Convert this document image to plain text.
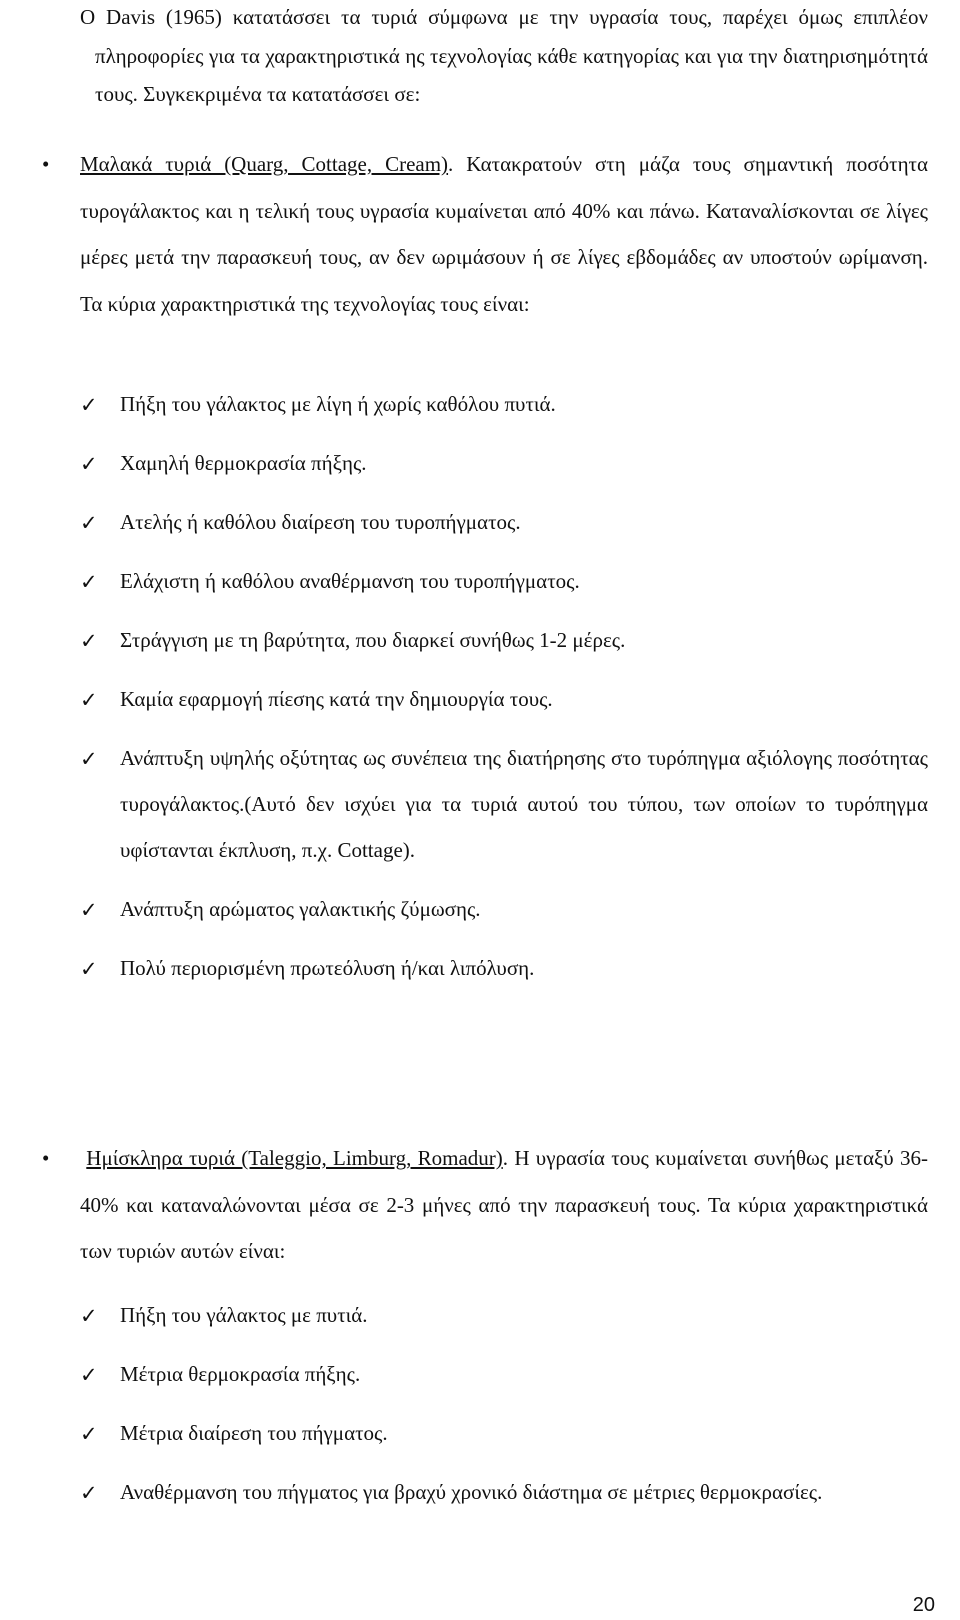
Ο Davis (1965) κατατάσσει τα τυριά σύμφωνα με την υγρασία τους, παρέχει όμως επιπλέον πληροφορίες για τα χαρακτηριστικά ης τεχνολογίας κάθε κατηγορίας και για την διατηρισημότητά τους. Συγκεκριμένα τα κατατάσσει σε:

• Μαλακά τυριά (Quarg, Cottage, Cream). Κατακρατούν στη μάζα τους σημαντική ποσότητα τυρογάλακτος και η τελική τους υγρασία κυμαίνεται από 40% και πάνω. Καταναλίσκονται σε λίγες μέρες μετά την παρασκευή τους, αν δεν ωριμάσουν ή σε λίγες εβδομάδες αν υποστούν ωρίμανση. Τα κύρια χαρακτηριστικά της τεχνολογίας τους είναι:
✓ Πήξη του γάλακτος με λίγη ή χωρίς καθόλου πυτιά.
✓ Χαμηλή θερμοκρασία πήξης.
✓ Ατελής ή καθόλου διαίρεση του τυροπήγματος.
✓ Ελάχιστη ή καθόλου αναθέρμανση του τυροπήγματος.
✓ Στράγγιση με τη βαρύτητα, που διαρκεί συνήθως 1-2 μέρες.
✓ Καμία εφαρμογή πίεσης κατά την δημιουργία τους.
✓ Ανάπτυξη υψηλής οξύτητας ως συνέπεια της διατήρησης στο τυρόπηγμα αξιόλογης ποσότητας τυρογάλακτος.(Αυτό δεν ισχύει για τα τυριά αυτού του τύπου, των οποίων το τυρόπηγμα υφίστανται έκπλυση, π.χ. Cottage).
✓ Ανάπτυξη αρώματος γαλακτικής ζύμωσης.
✓ Πολύ περιορισμένη πρωτεόλυση ή/και λιπόλυση.
• Ημίσκληρα τυριά (Taleggio, Limburg, Romadur). Η υγρασία τους κυμαίνεται συνήθως μεταξύ 36-40% και καταναλώνονται μέσα σε 2-3 μήνες από την παρασκευή τους. Τα κύρια χαρακτηριστικά των τυριών αυτών είναι:
✓ Πήξη του γάλακτος με πυτιά.
✓ Μέτρια θερμοκρασία πήξης.
✓ Μέτρια διαίρεση του πήγματος.
✓ Αναθέρμανση του πήγματος για βραχύ χρονικό διάστημα σε μέτριες θερμοκρασίες.
20
